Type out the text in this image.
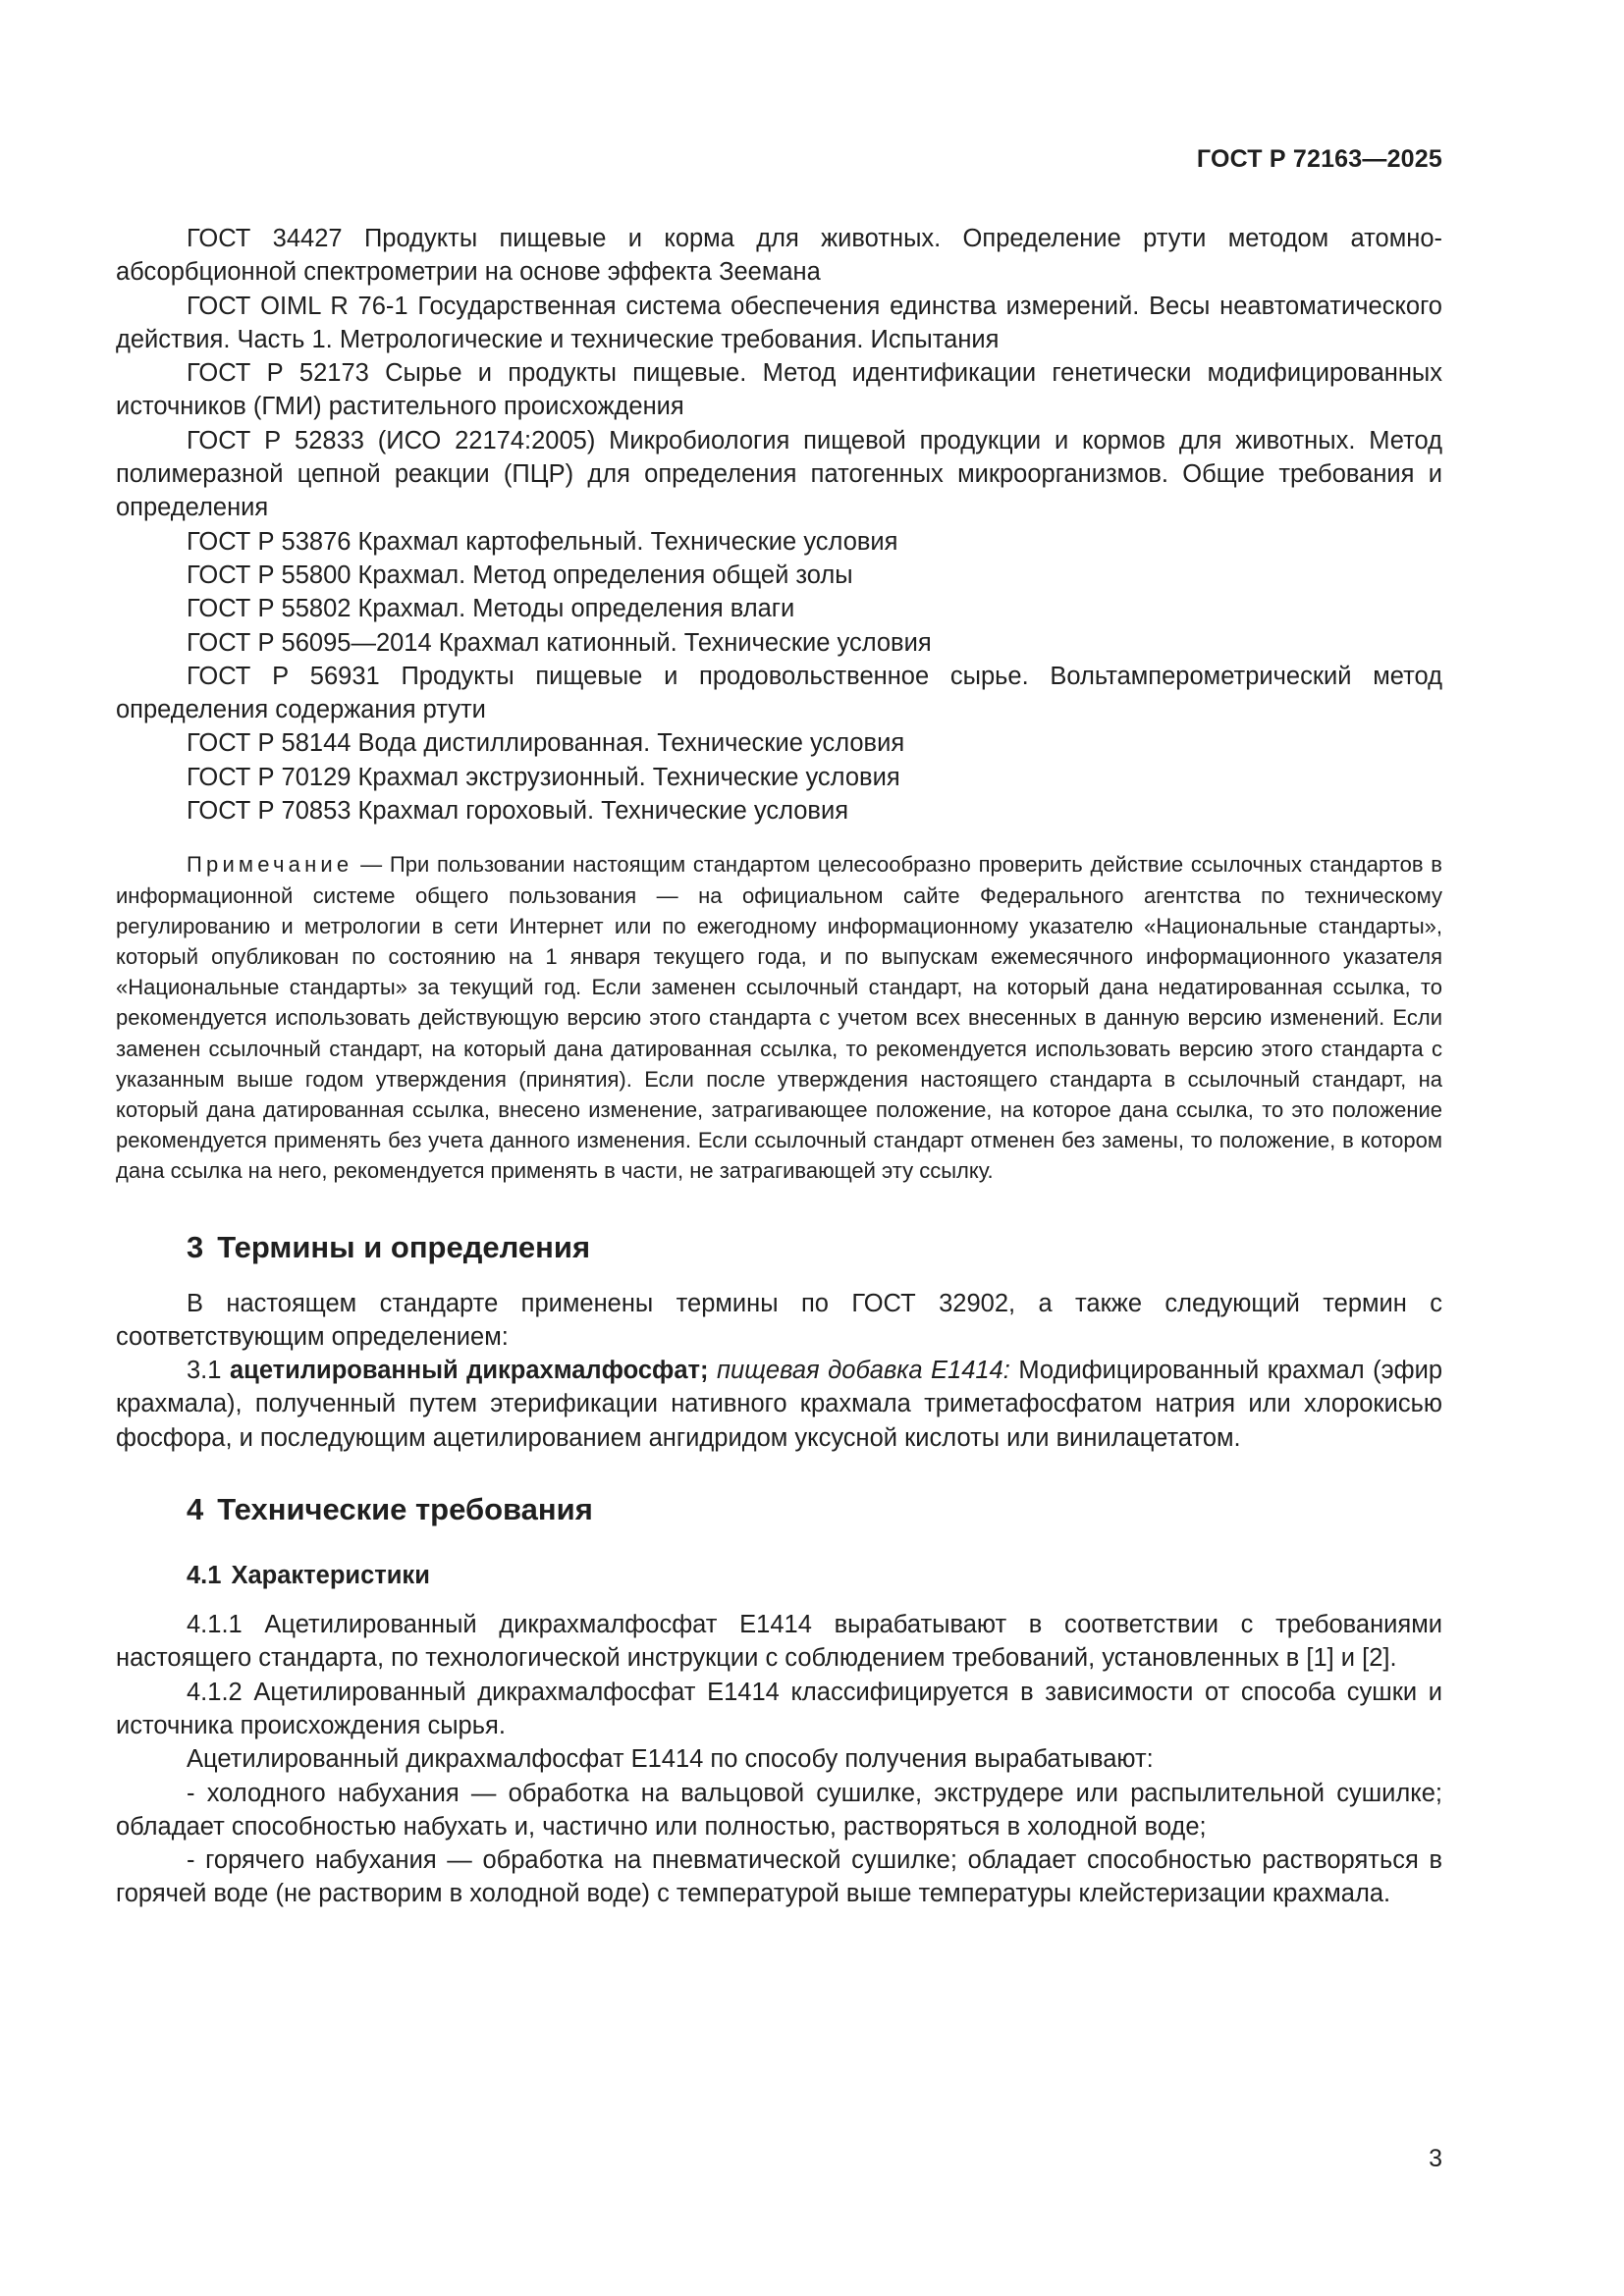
ГОСТ Р 72163—2025

ГОСТ 34427 Продукты пищевые и корма для животных. Определение ртути методом атомно-абсорбционной спектрометрии на основе эффекта Зеемана

ГОСТ OIML R 76-1 Государственная система обеспечения единства измерений. Весы неавтоматического действия. Часть 1. Метрологические и технические требования. Испытания

ГОСТ Р 52173 Сырье и продукты пищевые. Метод идентификации генетически модифицированных источников (ГМИ) растительного происхождения

ГОСТ Р 52833 (ИСО 22174:2005) Микробиология пищевой продукции и кормов для животных. Метод полимеразной цепной реакции (ПЦР) для определения патогенных микроорганизмов. Общие требования и определения

ГОСТ Р 53876 Крахмал картофельный. Технические условия

ГОСТ Р 55800 Крахмал. Метод определения общей золы

ГОСТ Р 55802 Крахмал. Методы определения влаги

ГОСТ Р 56095—2014 Крахмал катионный. Технические условия

ГОСТ Р 56931 Продукты пищевые и продовольственное сырье. Вольтамперометрический метод определения содержания ртути

ГОСТ Р 58144 Вода дистиллированная. Технические условия

ГОСТ Р 70129 Крахмал экструзионный. Технические условия

ГОСТ Р 70853 Крахмал гороховый. Технические условия

Примечание — При пользовании настоящим стандартом целесообразно проверить действие ссылочных стандартов в информационной системе общего пользования — на официальном сайте Федерального агентства по техническому регулированию и метрологии в сети Интернет или по ежегодному информационному указателю «Национальные стандарты», который опубликован по состоянию на 1 января текущего года, и по выпускам ежемесячного информационного указателя «Национальные стандарты» за текущий год. Если заменен ссылочный стандарт, на который дана недатированная ссылка, то рекомендуется использовать действующую версию этого стандарта с учетом всех внесенных в данную версию изменений. Если заменен ссылочный стандарт, на который дана датированная ссылка, то рекомендуется использовать версию этого стандарта с указанным выше годом утверждения (принятия). Если после утверждения настоящего стандарта в ссылочный стандарт, на который дана датированная ссылка, внесено изменение, затрагивающее положение, на которое дана ссылка, то это положение рекомендуется применять без учета данного изменения. Если ссылочный стандарт отменен без замены, то положение, в котором дана ссылка на него, рекомендуется применять в части, не затрагивающей эту ссылку.

3 Термины и определения

В настоящем стандарте применены термины по ГОСТ 32902, а также следующий термин с соответствующим определением:

3.1 ацетилированный дикрахмалфосфат; пищевая добавка E1414: Модифицированный крахмал (эфир крахмала), полученный путем этерификации нативного крахмала триметафосфатом натрия или хлорокисью фосфора, и последующим ацетилированием ангидридом уксусной кислоты или винилацетатом.

4 Технические требования
4.1 Характеристики

4.1.1 Ацетилированный дикрахмалфосфат Е1414 вырабатывают в соответствии с требованиями настоящего стандарта, по технологической инструкции с соблюдением требований, установленных в [1] и [2].

4.1.2 Ацетилированный дикрахмалфосфат Е1414 классифицируется в зависимости от способа сушки и источника происхождения сырья.

Ацетилированный дикрахмалфосфат Е1414 по способу получения вырабатывают:

- холодного набухания — обработка на вальцовой сушилке, экструдере или распылительной сушилке; обладает способностью набухать и, частично или полностью, растворяться в холодной воде;

- горячего набухания — обработка на пневматической сушилке; обладает способностью растворяться в горячей воде (не растворим в холодной воде) с температурой выше температуры клейстеризации крахмала.

3
